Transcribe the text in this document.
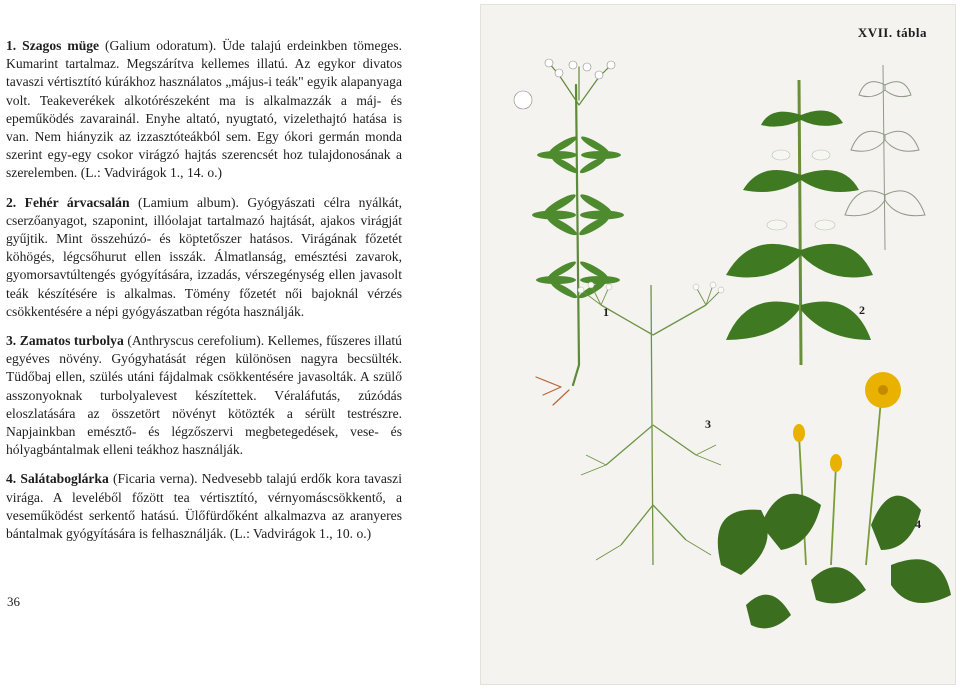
1. Szagos müge (Galium odoratum). Üde talajú erdeinkben tömeges. Kumarint tartalmaz. Megszárítva kellemes illatú. Az egykor divatos tavaszi vértisztító kúrákhoz használatos „május-i teák" egyik alapanyaga volt. Teakeverékek alkotórészeként ma is alkalmazzák a máj- és epeműködés zavarainál. Enyhe altató, nyugtató, vizelethajtó hatása is van. Nem hiányzik az izzasztóteákból sem. Egy ókori germán monda szerint egy-egy csokor virágzó hajtás szerencsét hoz tulajdonosának a szerelemben. (L.: Vadvirágok 1., 14. o.)

2. Fehér árvacsalán (Lamium album). Gyógyászati célra nyálkát, cserzőanyagot, szaponint, illóolajat tartalmazó hajtását, ajakos virágját gyűjtik. Mint összehúzó- és köptetőszer hatásos. Virágának főzetét köhögés, légcsőhurut ellen isszák. Álmatlanság, emésztési zavarok, gyomorsavtúltengés gyógyítására, izzadás, vérszegénység ellen javasolt teák készítésére is alkalmas. Tömény főzetét női bajoknál vérzés csökkentésére a népi gyógyászatban régóta használják.

3. Zamatos turbolya (Anthryscus cerefolium). Kellemes, fűszeres illatú egyéves növény. Gyógyhatását régen különösen nagyra becsülték. Tüdőbaj ellen, szülés utáni fájdalmak csökkentésére javasolták. A szülő asszonyoknak turbolyalevest készítettek. Véraláfutás, zúzódás eloszlatására az összetört növényt kötözték a sérült testrészre. Napjainkban emésztő- és légzőszervi megbetegedések, vese- és hólyagbántalmak elleni teákhoz használják.

4. Salátaboglárka (Ficaria verna). Nedvesebb talajú erdők kora tavaszi virága. A leveléből főzött tea vértisztító, vérnyomáscsökkentő, a veseműködést serkentő hatású. Ülőfürdőként alkalmazva az aranyeres bántalmak gyógyítására is felhasználják. (L.: Vadvirágok 1., 10. o.)

36
XVII. tábla
1	2
3
4
